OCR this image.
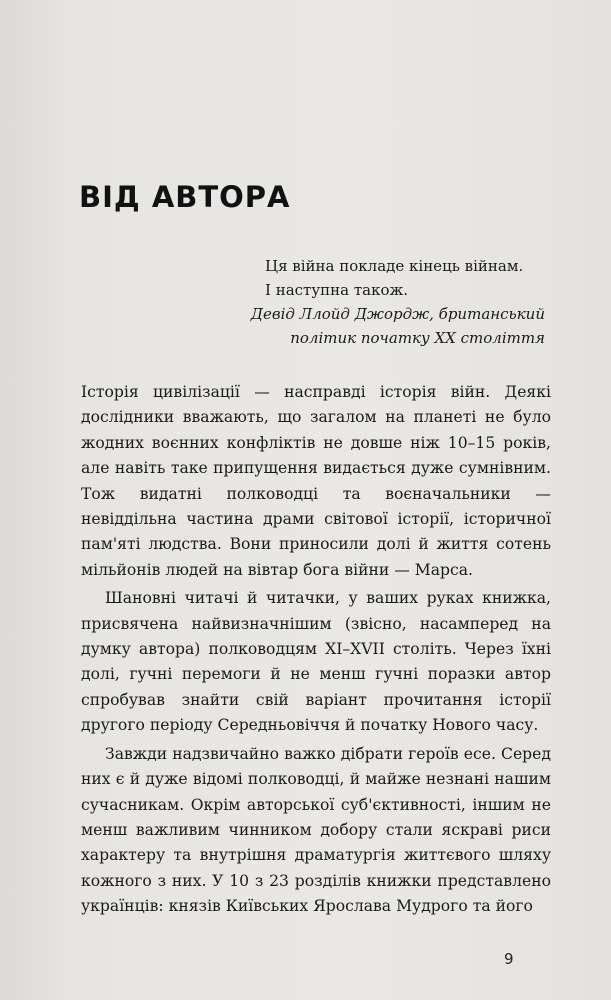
ВІД АВТОРА
Ця війна покладе кінець війнам.
І наступна також.
Девід Ллойд Джордж, британський
політик початку XX століття

Історія цивілізації — насправді історія війн. Деякі дослідники вважають, що загалом на планеті не було жодних воєнних конфліктів не довше ніж 10–15 років, але навіть таке припущення видається дуже сумнівним. Тож видатні полководці та воєначальники — невіддільна частина драми світової історії, історичної пам'яті людства. Вони приносили долі й життя сотень мільйонів людей на вівтар бога війни — Марса.

Шановні читачі й читачки, у ваших руках книжка, присвячена найвизначнішим (звісно, насамперед на думку автора) полководцям XI–XVII століть. Через їхні долі, гучні перемоги й не менш гучні поразки автор спробував знайти свій варіант прочитання історії другого періоду Середньовіччя й початку Нового часу.

Завжди надзвичайно важко дібрати героїв есе. Серед них є й дуже відомі полководці, й майже незнані нашим сучасникам. Окрім авторської суб'єктивності, іншим не менш важливим чинником добору стали яскраві риси характеру та внутрішня драматургія життєвого шляху кожного з них. У 10 з 23 розділів книжки представлено українців: князів Київських Ярослава Мудрого та його

9
